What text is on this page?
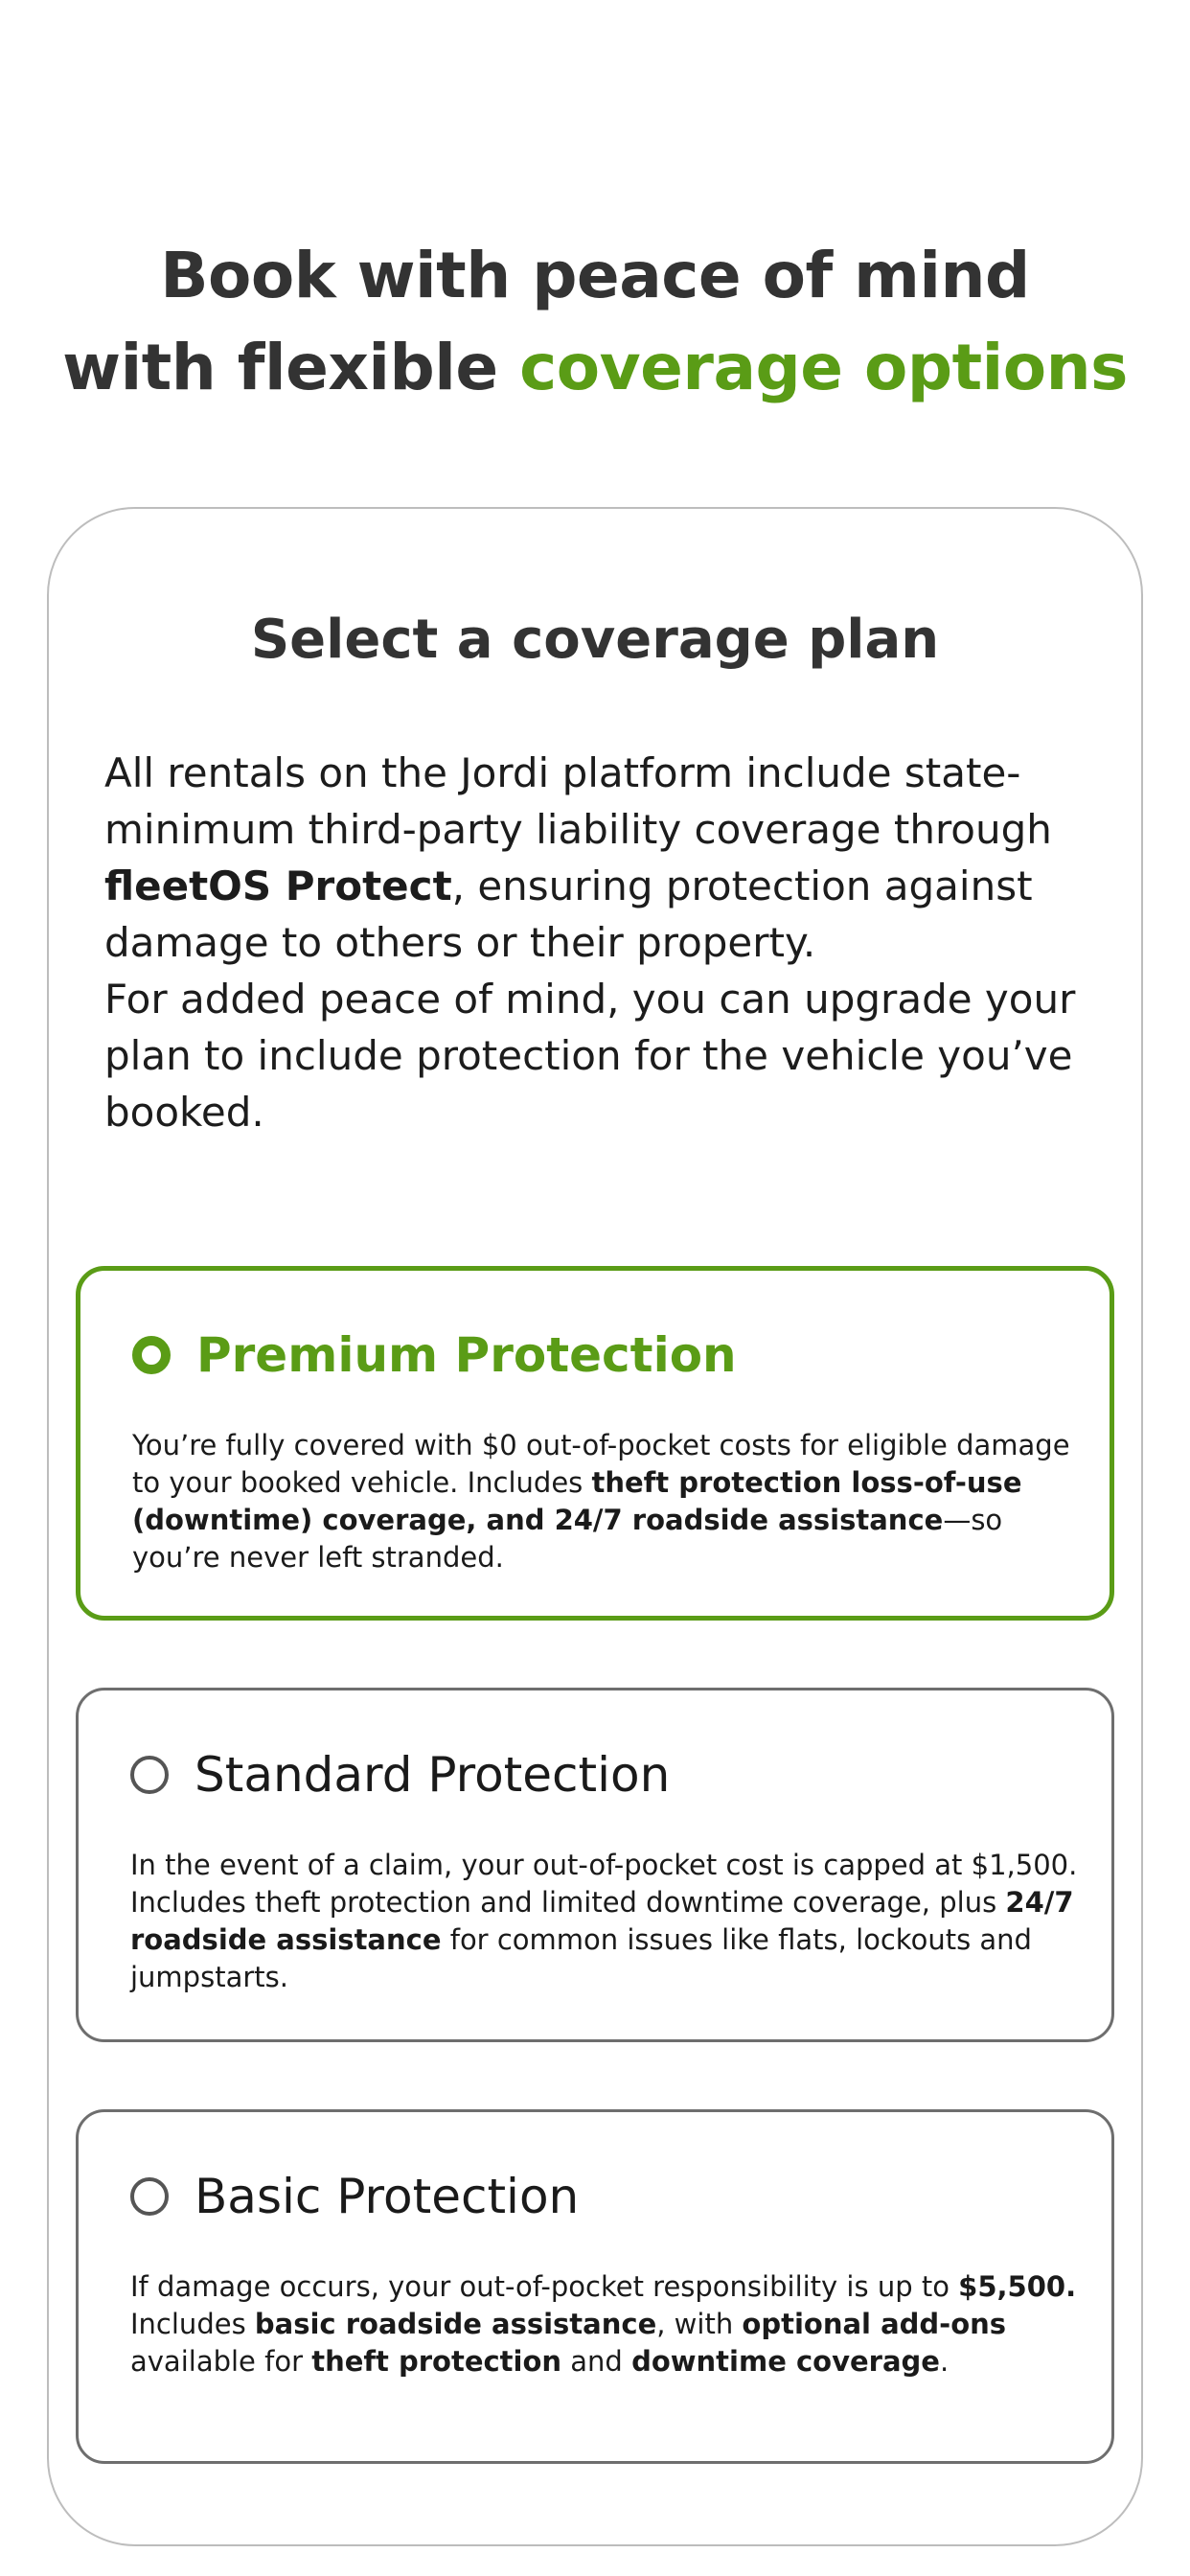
Book with peace of mind
with flexible coverage options
Select a coverage plan
All rentals on the Jordi platform include state-minimum third-party liability coverage through fleetOS Protect, ensuring protection against damage to others or their property.
For added peace of mind, you can upgrade your plan to include protection for the vehicle you’ve booked.
Premium Protection

You’re fully covered with $0 out-of-pocket costs for eligible damage to your booked vehicle. Includes theft protection loss-of-use (downtime) coverage, and 24/7 roadside assistance—so you’re never left stranded.

Standard Protection

In the event of a claim, your out-of-pocket cost is capped at $1,500. Includes theft protection and limited downtime coverage, plus 24/7 roadside assistance for common issues like flats, lockouts and jumpstarts.

Basic Protection

If damage occurs, your out-of-pocket responsibility is up to $5,500. Includes basic roadside assistance, with optional add-ons available for theft protection and downtime coverage.
